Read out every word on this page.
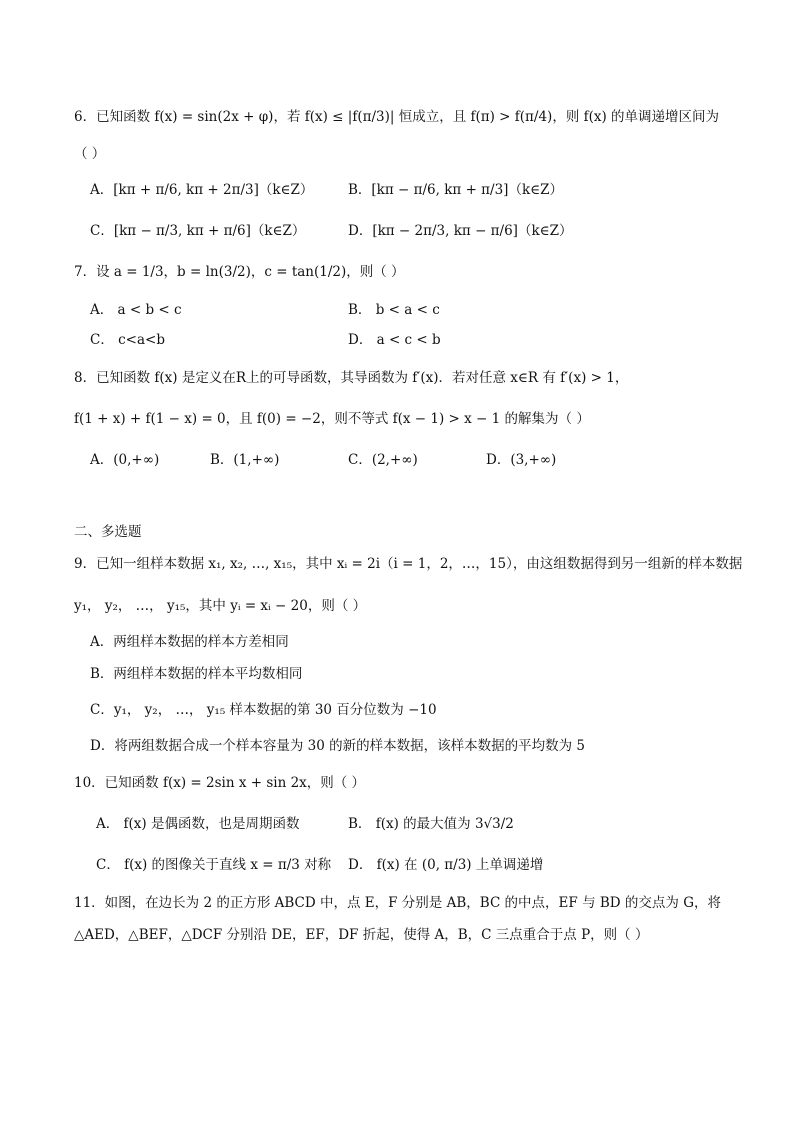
6．已知函数 f(x) = sin(2x + φ)，若 f(x) ≤ |f(π/3)| 恒成立，且 f(π) > f(π/4)，则 f(x) 的单调递增区间为
（ ）
A．[kπ + π/6, kπ + 2π/3]（k∈Z）	B．[kπ − π/6, kπ + π/3]（k∈Z）
C．[kπ − π/3, kπ + π/6]（k∈Z）	D．[kπ − 2π/3, kπ − π/6]（k∈Z）
7．设 a = 1/3，b = ln(3/2)，c = tan(1/2)，则（ ）
A． a < b < c	B． b < a < c
C． c<a<b	D． a < c < b
8．已知函数 f(x) 是定义在R上的可导函数，其导函数为 f′(x)．若对任意 x∈R 有 f′(x) > 1，
f(1 + x) + f(1 − x) = 0，且 f(0) = −2，则不等式 f(x − 1) > x − 1 的解集为（ ）
A．(0,+∞)	B．(1,+∞)	C．(2,+∞)	D．(3,+∞)
二、多选题
9．已知一组样本数据 x₁, x₂, …, x₁₅，其中 xᵢ = 2i（i = 1，2，…，15），由这组数据得到另一组新的样本数据
y₁， y₂， …， y₁₅，其中 yᵢ = xᵢ − 20，则（ ）
A．两组样本数据的样本方差相同
B．两组样本数据的样本平均数相同
C．y₁， y₂， …， y₁₅ 样本数据的第 30 百分位数为 −10
D．将两组数据合成一个样本容量为 30 的新的样本数据，该样本数据的平均数为 5
10．已知函数 f(x) = 2sin x + sin 2x，则（ ）
A． f(x) 是偶函数，也是周期函数	B． f(x) 的最大值为 3√3/2
C． f(x) 的图像关于直线 x = π/3 对称 D． f(x) 在 (0, π/3) 上单调递增
11．如图，在边长为 2 的正方形 ABCD 中，点 E，F 分别是 AB，BC 的中点，EF 与 BD 的交点为 G，将
△AED，△BEF，△DCF 分别沿 DE，EF，DF 折起，使得 A，B，C 三点重合于点 P，则（ ）
